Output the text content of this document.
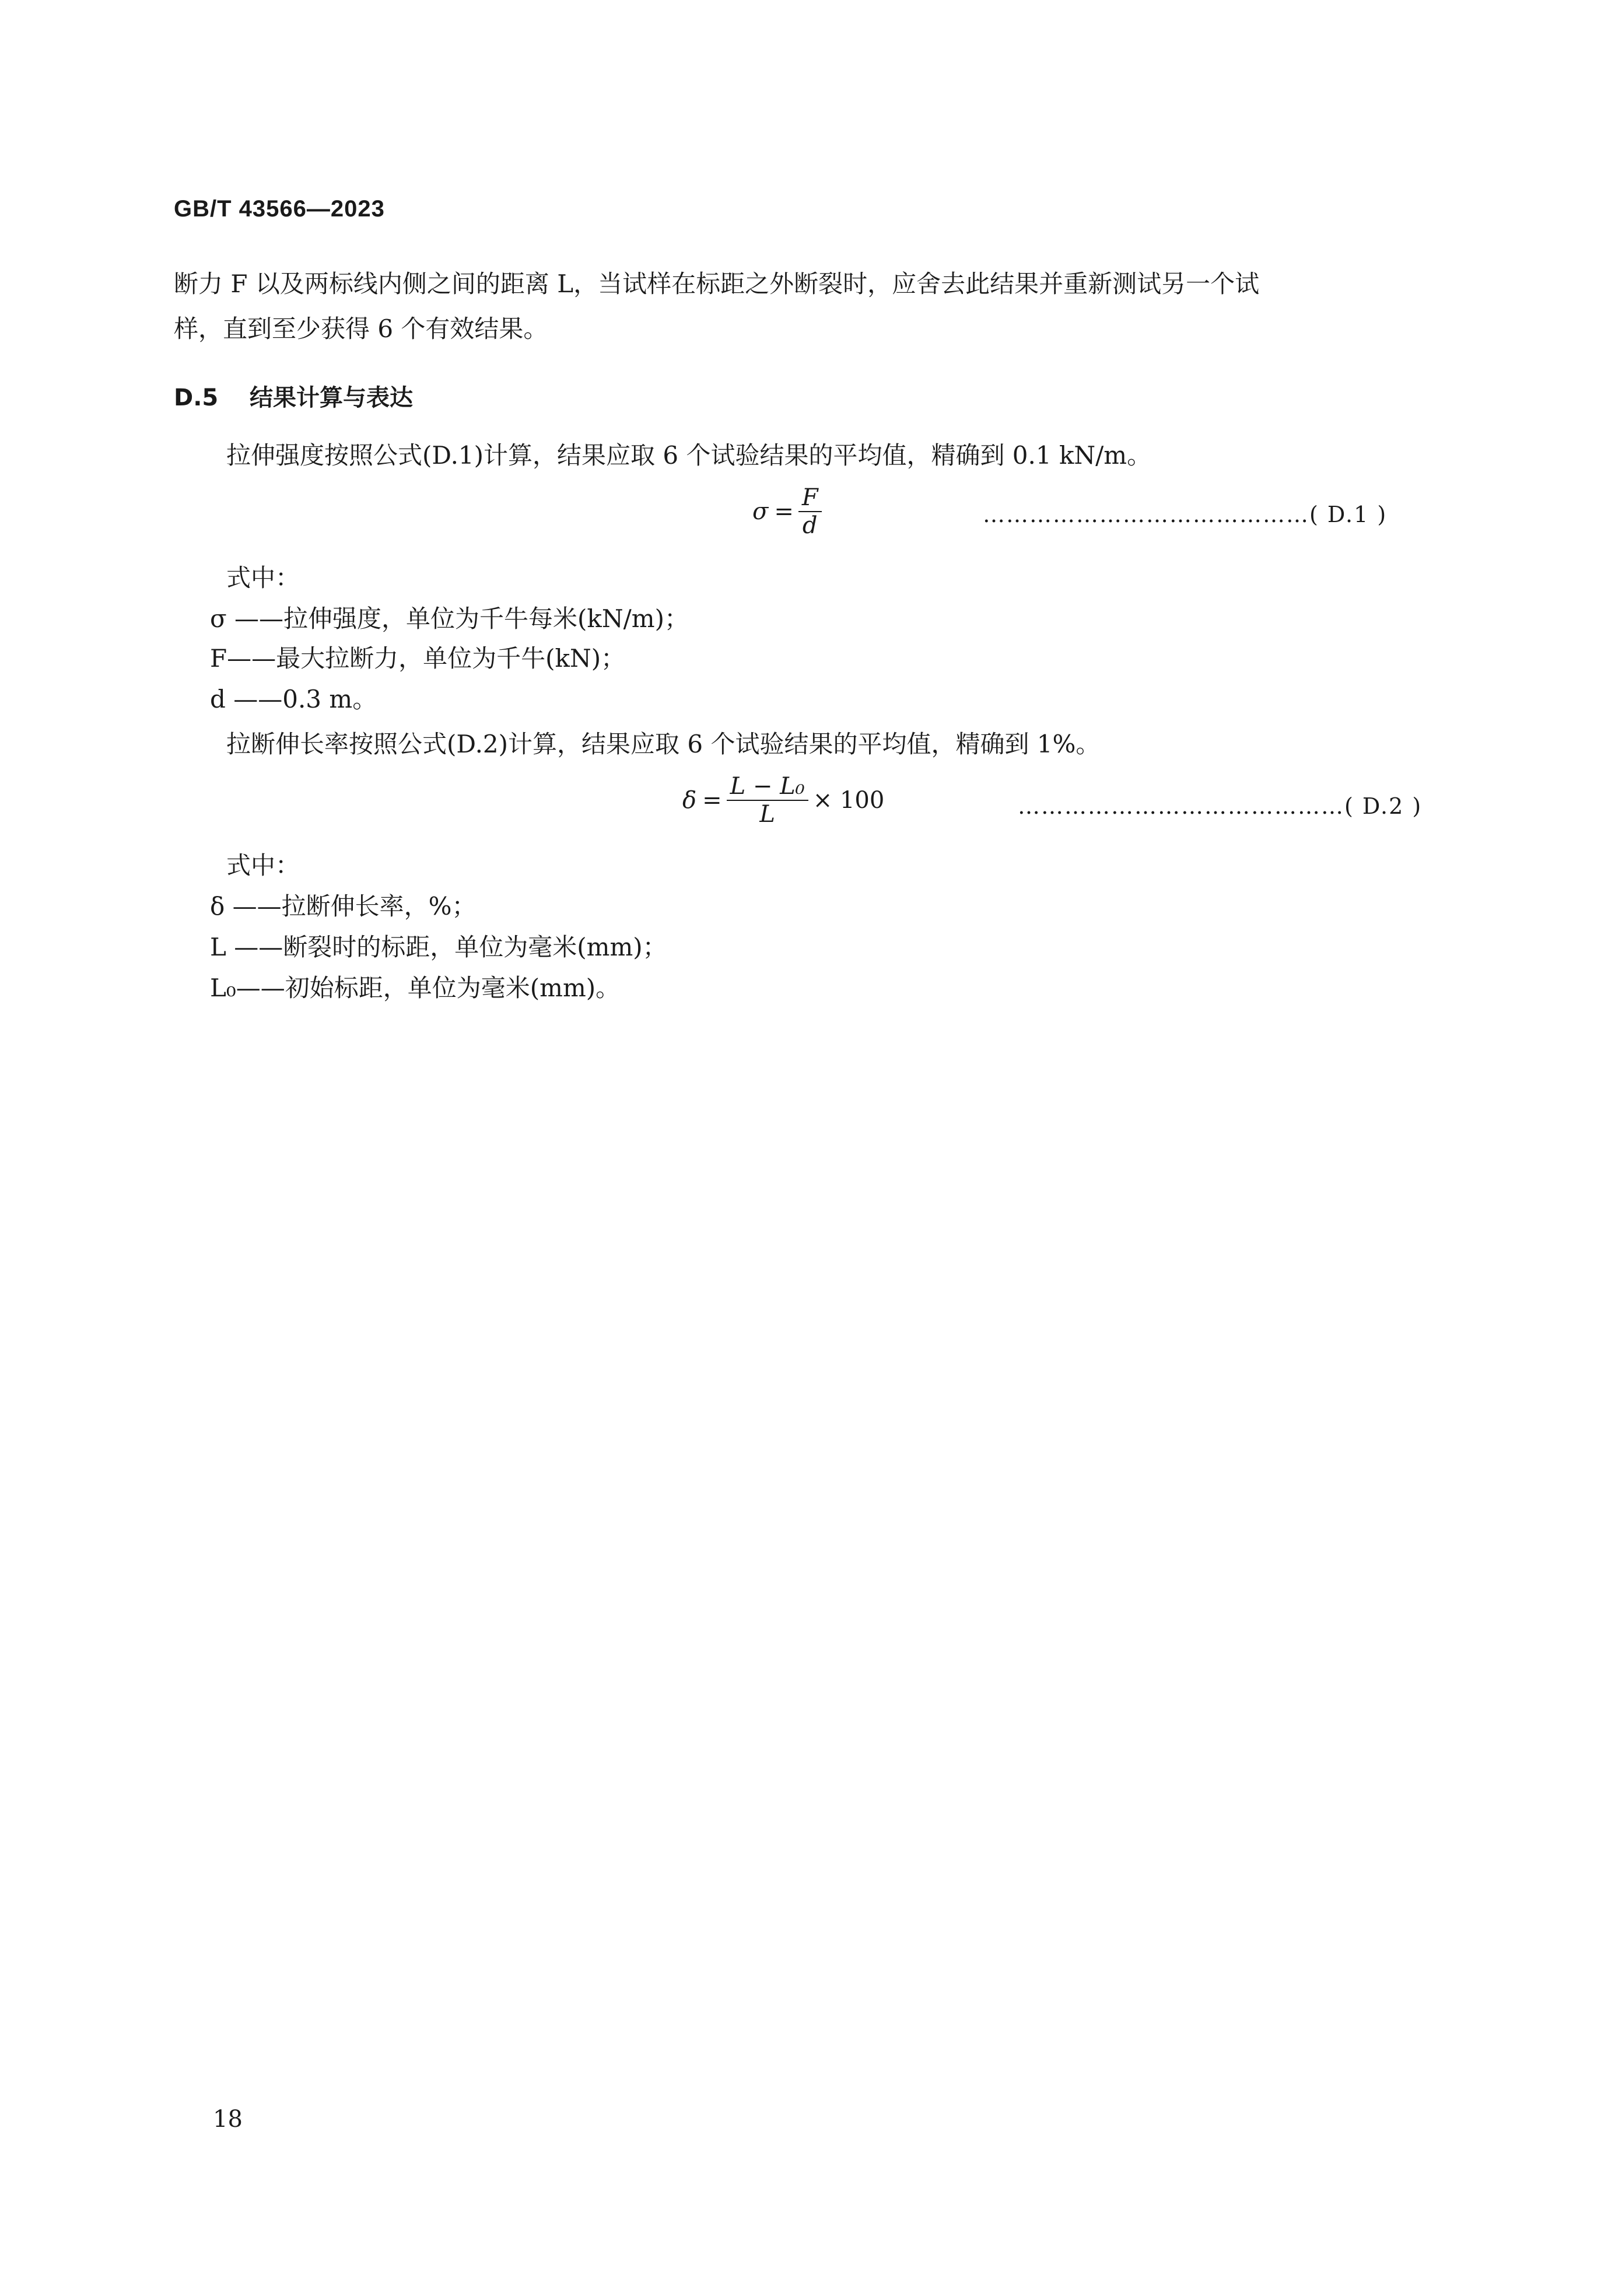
GB/T 43566—2023
断力 F 以及两标线内侧之间的距离 L，当试样在标距之外断裂时，应舍去此结果并重新测试另一个试
样，直到至少获得 6 个有效结果。
D.5 结果计算与表达
拉伸强度按照公式(D.1)计算，结果应取 6 个试验结果的平均值，精确到 0.1 kN/m。
$\sigma = \frac{F}{d}$	……………………………………( D.1 )
式中：
σ ——拉伸强度，单位为千牛每米(kN/m)；
F——最大拉断力，单位为千牛(kN)；
d ——0.3 m。
拉断伸长率按照公式(D.2)计算，结果应取 6 个试验结果的平均值，精确到 1%。
$\delta = \frac{\text{L − L₀}}{L} \times 100$	……………………………………( D.2 )
式中：
δ ——拉断伸长率，%；
L ——断裂时的标距，单位为毫米(mm)；
L₀——初始标距，单位为毫米(mm)。
18
